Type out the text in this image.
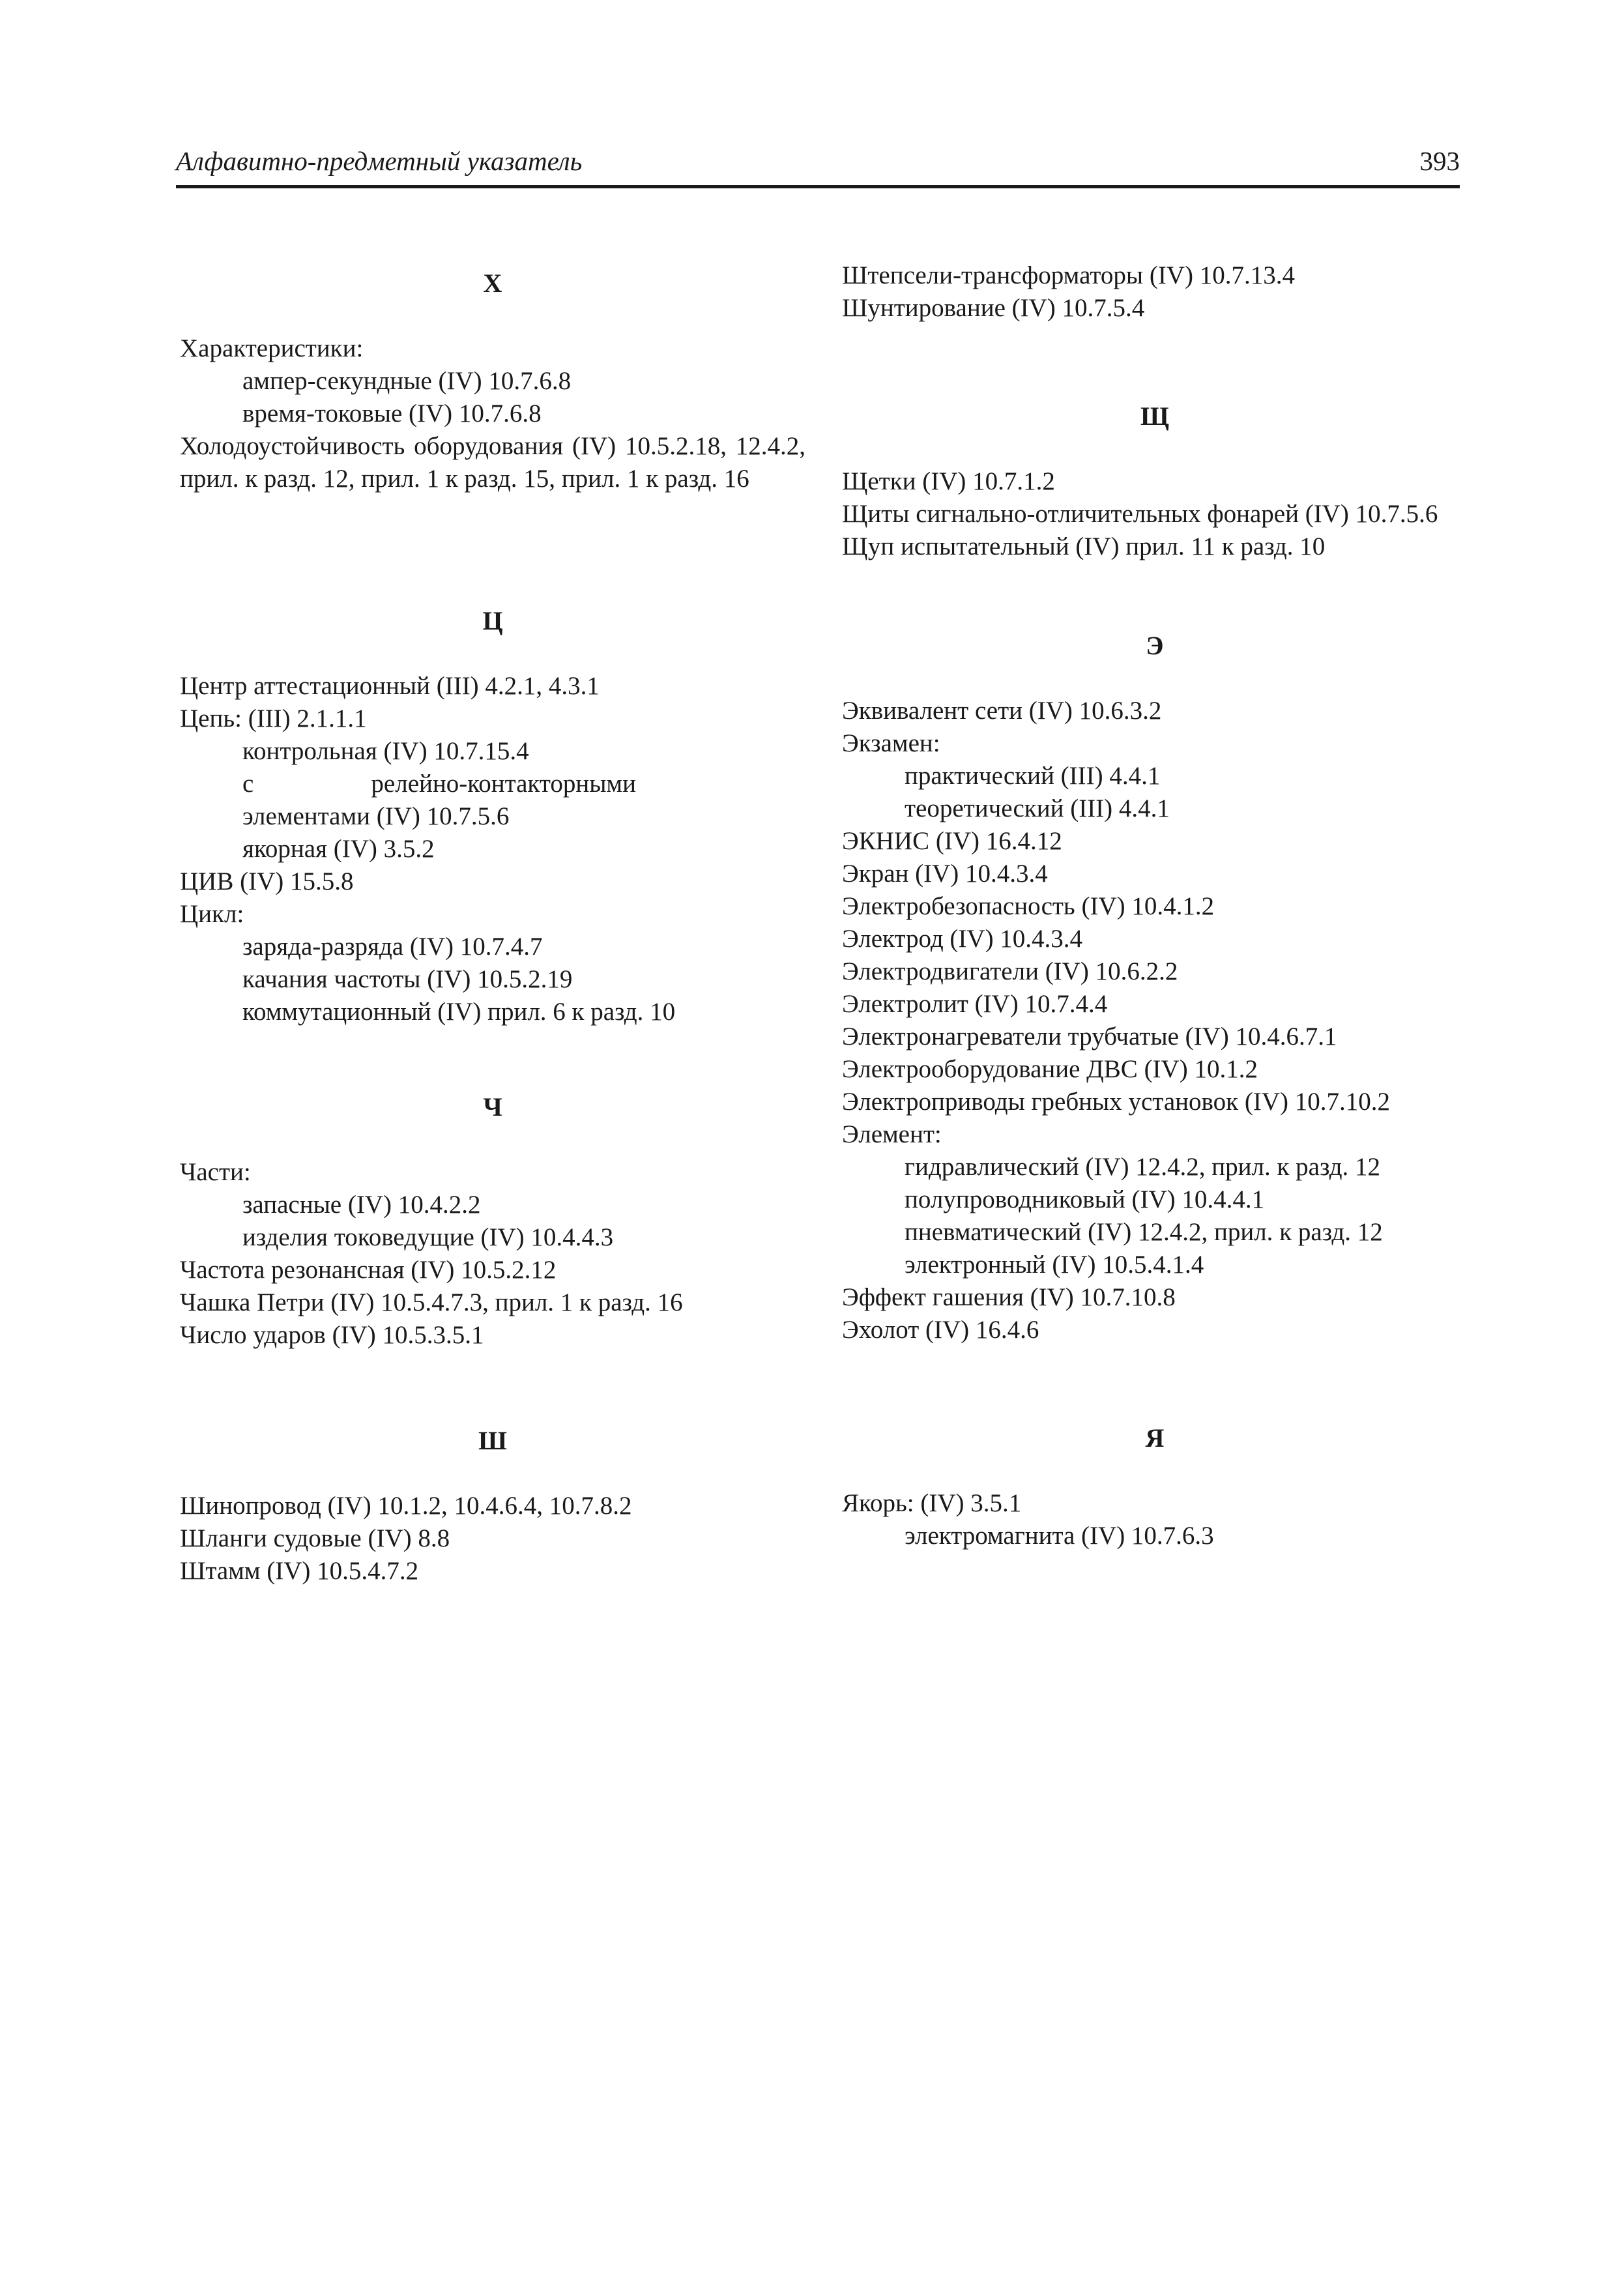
Алфавитно-предметный указатель	393
Х
Характеристики:
ампер-секундные (IV) 10.7.6.8
время-токовые (IV) 10.7.6.8
Холодоустойчивость оборудования (IV) 10.5.2.18, 12.4.2, прил. к разд. 12, прил. 1 к разд. 15, прил. 1 к разд. 16
Ц
Центр аттестационный (III) 4.2.1, 4.3.1
Цепь: (III) 2.1.1.1
контрольная (IV) 10.7.15.4
с релейно-контакторными элементами (IV) 10.7.5.6
якорная (IV) 3.5.2
ЦИВ (IV) 15.5.8
Цикл:
заряда-разряда (IV) 10.7.4.7
качания частоты (IV) 10.5.2.19
коммутационный (IV) прил. 6 к разд. 10
Ч
Части:
запасные (IV) 10.4.2.2
изделия токоведущие (IV) 10.4.4.3
Частота резонансная (IV) 10.5.2.12
Чашка Петри (IV) 10.5.4.7.3, прил. 1 к разд. 16
Число ударов (IV) 10.5.3.5.1
Ш
Шинопровод (IV) 10.1.2, 10.4.6.4, 10.7.8.2
Шланги судовые (IV) 8.8
Штамм (IV) 10.5.4.7.2
Штепсели-трансформаторы (IV) 10.7.13.4
Шунтирование (IV) 10.7.5.4
Щ
Щетки (IV) 10.7.1.2
Щиты сигнально-отличительных фонарей (IV) 10.7.5.6
Щуп испытательный (IV) прил. 11 к разд. 10
Э
Эквивалент сети (IV) 10.6.3.2
Экзамен:
практический (III) 4.4.1
теоретический (III) 4.4.1
ЭКНИС (IV) 16.4.12
Экран (IV) 10.4.3.4
Электробезопасность (IV) 10.4.1.2
Электрод (IV) 10.4.3.4
Электродвигатели (IV) 10.6.2.2
Электролит (IV) 10.7.4.4
Электронагреватели трубчатые (IV) 10.4.6.7.1
Электрооборудование ДВС (IV) 10.1.2
Электроприводы гребных установок (IV) 10.7.10.2
Элемент:
гидравлический (IV) 12.4.2, прил. к разд. 12
полупроводниковый (IV) 10.4.4.1
пневматический (IV) 12.4.2, прил. к разд. 12
электронный (IV) 10.5.4.1.4
Эффект гашения (IV) 10.7.10.8
Эхолот (IV) 16.4.6
Я
Якорь: (IV) 3.5.1
электромагнита (IV) 10.7.6.3
